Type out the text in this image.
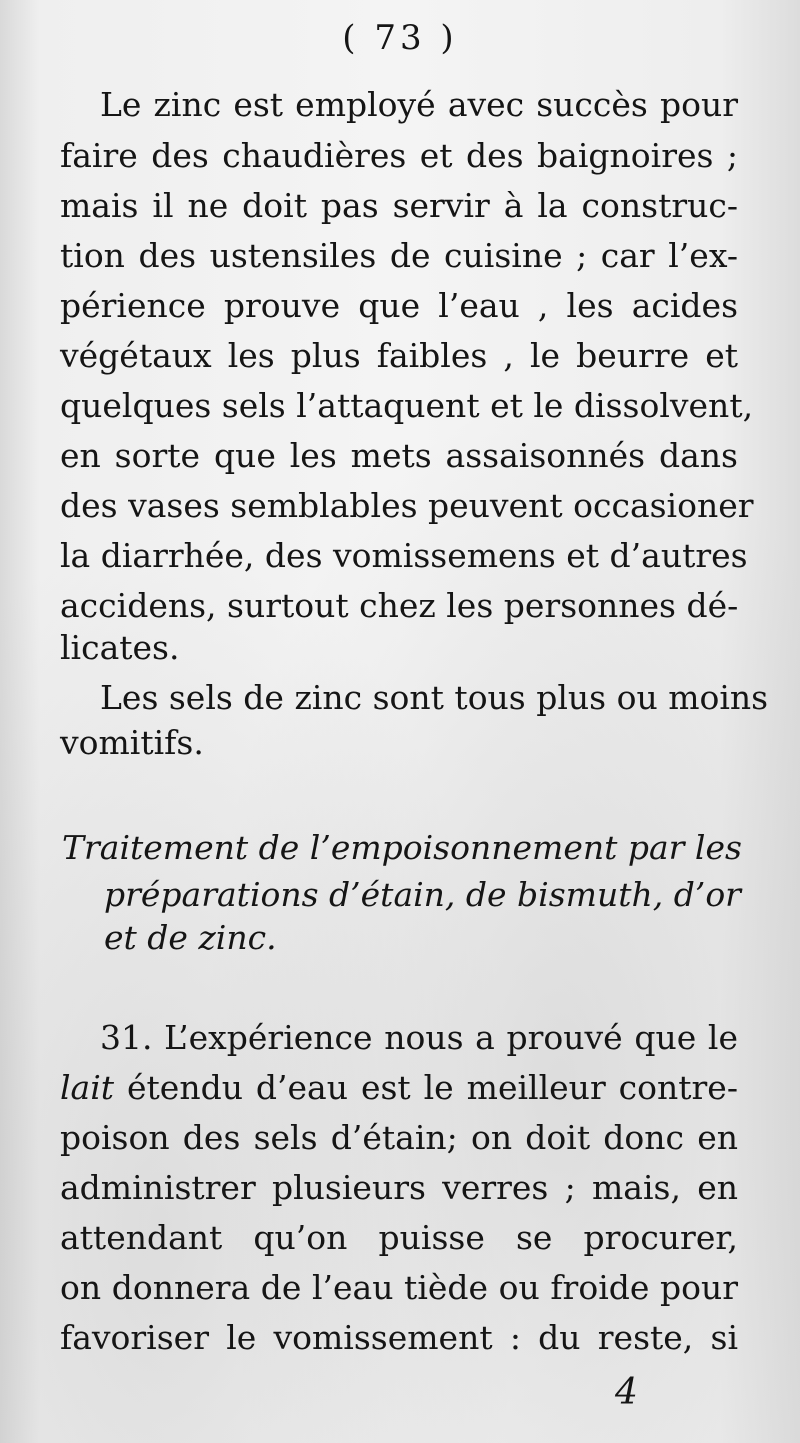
( 73 )
Le zinc est employé avec succès pour
faire des chaudières et des baignoires ;
mais il ne doit pas servir à la construc-
tion des ustensiles de cuisine ; car l’ex-
périence prouve que l’eau , les acides
végétaux les plus faibles , le beurre et
quelques sels l’attaquent et le dissolvent,
en sorte que les mets assaisonnés dans
des vases semblables peuvent occasioner
la diarrhée, des vomissemens et d’autres
accidens, surtout chez les personnes dé-
licates.
Les sels de zinc sont tous plus ou moins
vomitifs.
Traitement de l’empoisonnement par les
préparations d’étain, de bismuth, d’or
et de zinc.
31. L’expérience nous a prouvé que le
lait étendu d’eau est le meilleur contre-
poison des sels d’étain; on doit donc en
administrer plusieurs verres ; mais, en
attendant qu’on puisse se procurer,
on donnera de l’eau tiède ou froide pour
favoriser le vomissement : du reste, si
4
